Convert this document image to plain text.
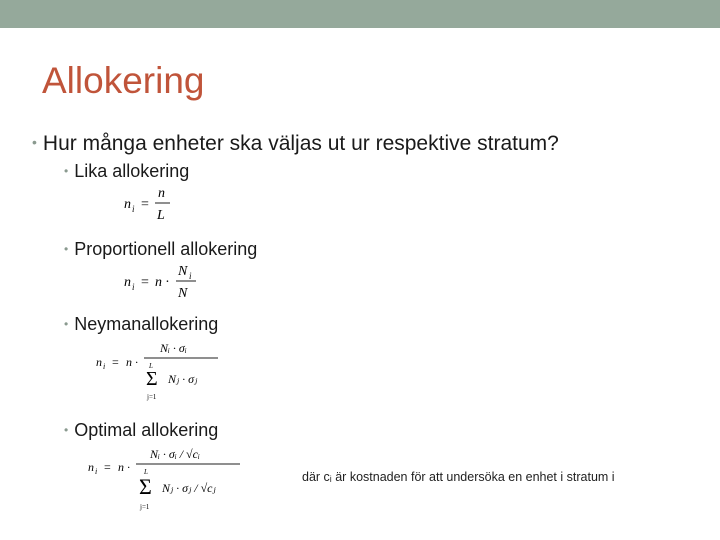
Allokering
• Hur många enheter ska väljas ut ur respektive stratum?
• Lika allokering
• Proportionell allokering
• Neymanallokering
• Optimal allokering
n i =
n
L
n i = n ·
N i
N
n i = n ·
Nᵢ · σᵢ
L
Σ
j=1
Nⱼ · σⱼ
n i = n ·
Nᵢ · σᵢ / √cᵢ
L
Σ
j=1
Nⱼ · σⱼ / √cⱼ
där cᵢ är kostnaden för att undersöka en enhet i stratum i
